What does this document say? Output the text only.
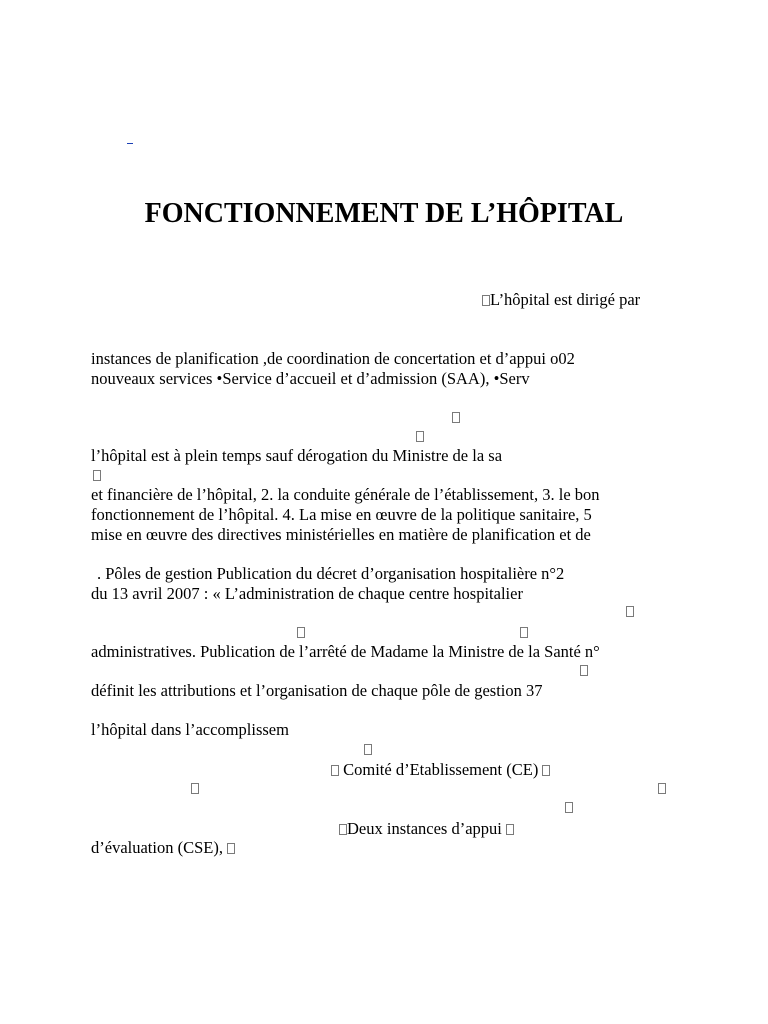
FONCTIONNEMENT DE L’HÔPITAL
L’hôpital est dirigé par
instances de planification ,de coordination de concertation et d’appui o02
nouveaux services •Service d’accueil et d’admission (SAA), •Serv
l’hôpital est à plein temps sauf dérogation du Ministre de la sa
et financière de l’hôpital, 2. la conduite générale de l’établissement, 3. le bon
fonctionnement de l’hôpital. 4. La mise en œuvre de la politique sanitaire, 5
mise en œuvre des directives ministérielles en matière de planification et de
. Pôles de gestion Publication du décret d’organisation hospitalière n°2
du 13 avril 2007 : « L’administration de chaque centre hospitalier
administratives. Publication de l’arrêté de Madame la Ministre de la Santé n°
définit les attributions et l’organisation de chaque pôle de gestion 37
l’hôpital dans l’accomplissem
Comité d’Etablissement (CE)
Deux instances d’appui
d’évaluation (CSE),
